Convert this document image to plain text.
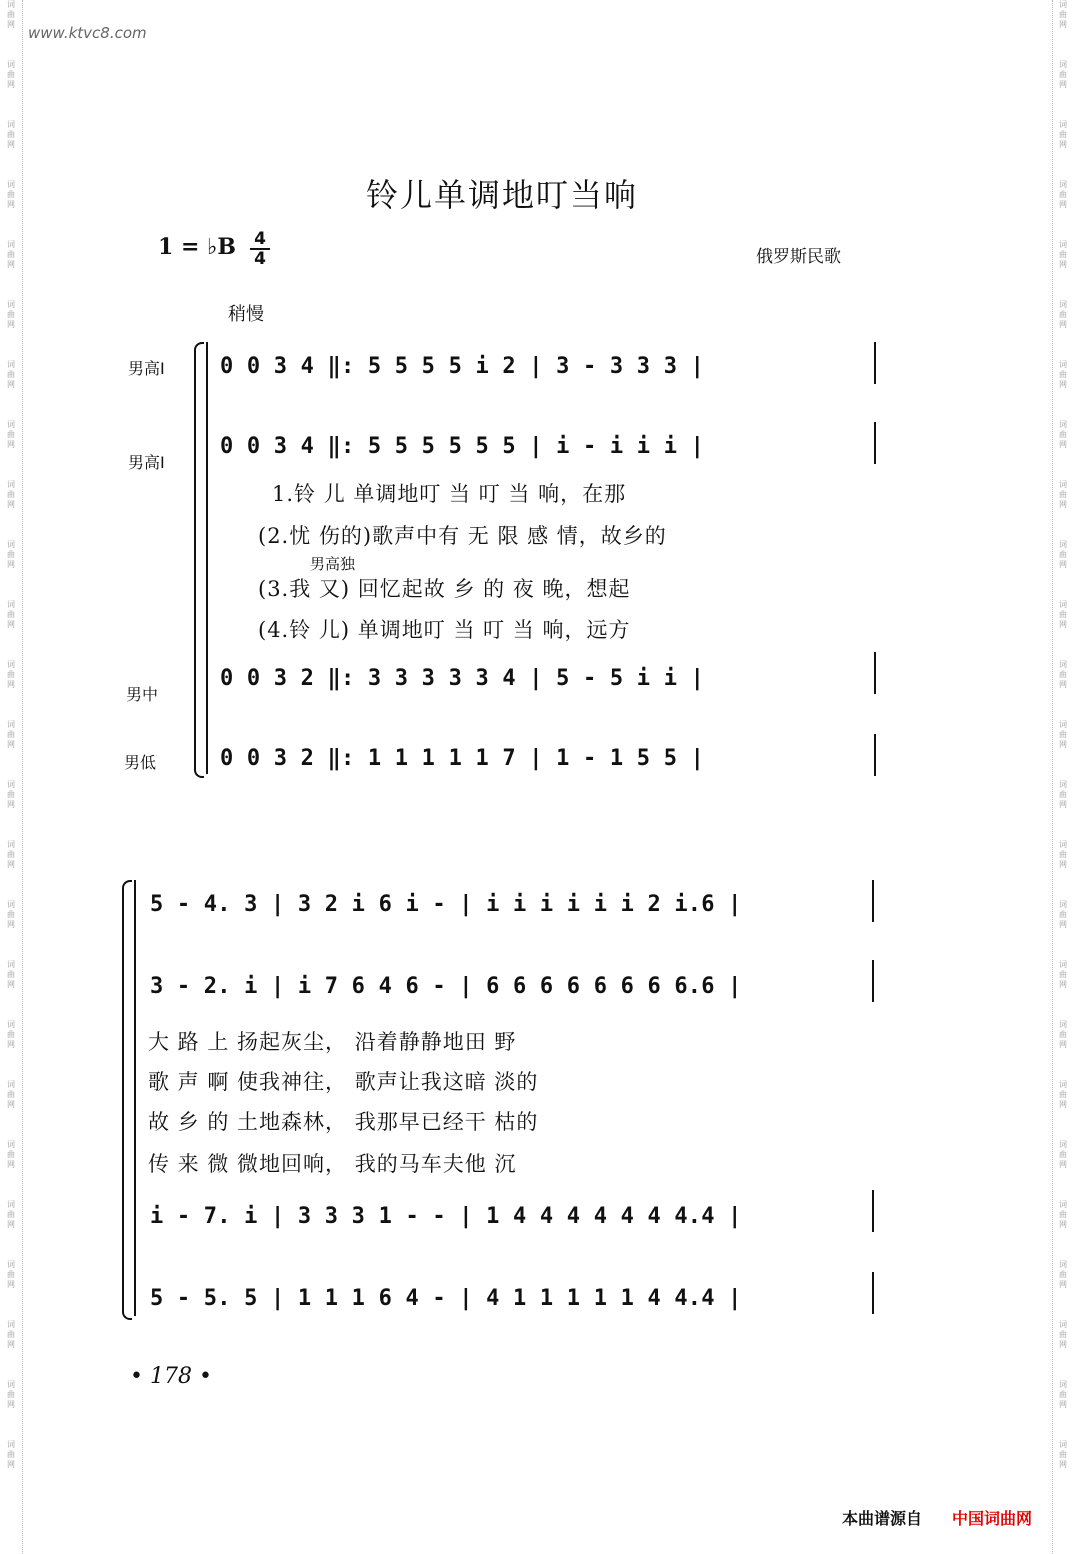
词
曲
网
词
曲
网
词
曲
网
词
曲
网
词
曲
网
词
曲
网
词
曲
网
词
曲
网
词
曲
网
词
曲
网
词
曲
网
词
曲
网
词
曲
网
词
曲
网
词
曲
网
词
曲
网
词
曲
网
词
曲
网
词
曲
网
词
曲
网
词
曲
网
词
曲
网
词
曲
网
词
曲
网
词
曲
网
词
曲
网
词
曲
网
词
曲
网
词
曲
网
词
曲
网
词
曲
网
词
曲
网
词
曲
网
词
曲
网
词
曲
网
词
曲
网
词
曲
网
词
曲
网
词
曲
网
词
曲
网
词
曲
网
词
曲
网
词
曲
网
词
曲
网
词
曲
网
词
曲
网
词
曲
网
词
曲
网
词
曲
网
词
曲
网
www.ktvc8.com
铃儿单调地叮当响
1 = ♭B 4
4	俄罗斯民歌
稍慢
男高Ⅰ
男高Ⅰ
男中
男低
0 0 3 4 ‖: 5 5 5 5 i 2 | 3 - 3 3 3 |
0 0 3 4 ‖: 5 5 5 5 5 5 | i - i i i |
1.铃 儿 单调地叮 当 叮 当 响，在那
(2.忧 伤的)歌声中有 无 限 感 情，故乡的
男高独
(3.我 又) 回忆起故 乡 的 夜 晚，想起
(4.铃 儿) 单调地叮 当 叮 当 响，远方
0 0 3 2 ‖: 3 3 3 3 3 4 | 5 - 5 i i |
0 0 3 2 ‖: 1 1 1 1 1 7 | 1 - 1 5 5 |
5 - 4. 3 | 3 2 i 6 i - | i i i i i i 2 i.6 |
3 - 2. i | i 7 6 4 6 - | 6 6 6 6 6 6 6 6.6 |
大 路 上 扬起灰尘， 沿着静静地田 野
歌 声 啊 使我神往， 歌声让我这暗 淡的
故 乡 的 土地森林， 我那早已经干 枯的
传 来 微 微地回响， 我的马车夫他 沉
i - 7. i | 3 3 3 1 - - | 1 4 4 4 4 4 4 4.4 |
5 - 5. 5 | 1 1 1 6 4 - | 4 1 1 1 1 1 4 4.4 |
• 178 •
本曲谱源自 中国词曲网
